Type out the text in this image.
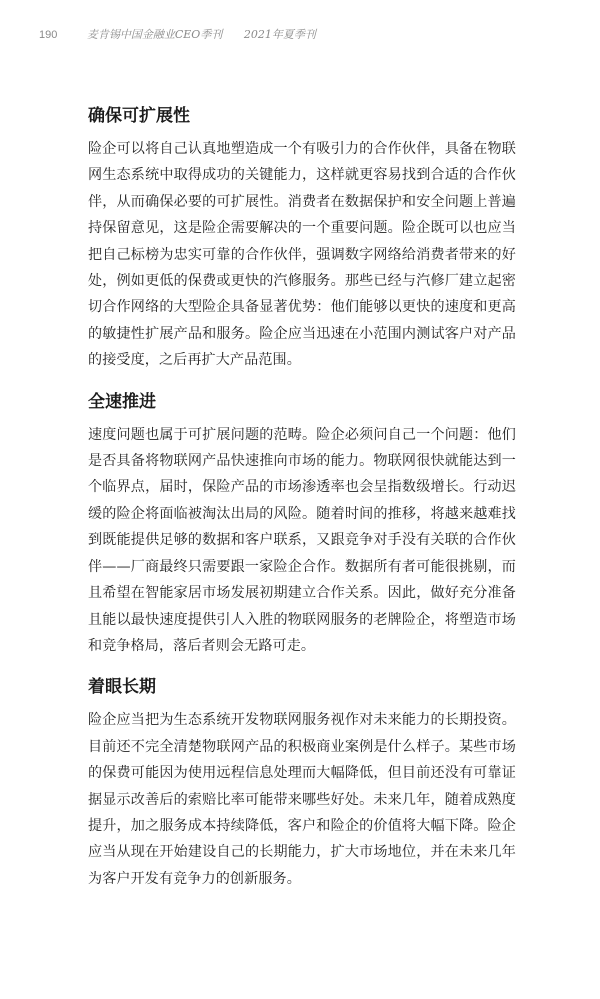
190	麦肯锡中国金融业CEO季刊 2021年夏季刊
确保可扩展性

险企可以将自己认真地塑造成一个有吸引力的合作伙伴，具备在物联网生态系统中取得成功的关键能力，这样就更容易找到合适的合作伙伴，从而确保必要的可扩展性。消费者在数据保护和安全问题上普遍持保留意见，这是险企需要解决的一个重要问题。险企既可以也应当把自己标榜为忠实可靠的合作伙伴，强调数字网络给消费者带来的好处，例如更低的保费或更快的汽修服务。那些已经与汽修厂建立起密切合作网络的大型险企具备显著优势：他们能够以更快的速度和更高的敏捷性扩展产品和服务。险企应当迅速在小范围内测试客户对产品的接受度，之后再扩大产品范围。

全速推进

速度问题也属于可扩展问题的范畴。险企必须问自己一个问题：他们是否具备将物联网产品快速推向市场的能力。物联网很快就能达到一个临界点，届时，保险产品的市场渗透率也会呈指数级增长。行动迟缓的险企将面临被淘汰出局的风险。随着时间的推移，将越来越难找到既能提供足够的数据和客户联系，又跟竞争对手没有关联的合作伙伴——厂商最终只需要跟一家险企合作。数据所有者可能很挑剔，而且希望在智能家居市场发展初期建立合作关系。因此，做好充分准备且能以最快速度提供引人入胜的物联网服务的老牌险企，将塑造市场和竞争格局，落后者则会无路可走。

着眼长期

险企应当把为生态系统开发物联网服务视作对未来能力的长期投资。目前还不完全清楚物联网产品的积极商业案例是什么样子。某些市场的保费可能因为使用远程信息处理而大幅降低，但目前还没有可靠证据显示改善后的索赔比率可能带来哪些好处。未来几年，随着成熟度提升，加之服务成本持续降低，客户和险企的价值将大幅下降。险企应当从现在开始建设自己的长期能力，扩大市场地位，并在未来几年为客户开发有竞争力的创新服务。
